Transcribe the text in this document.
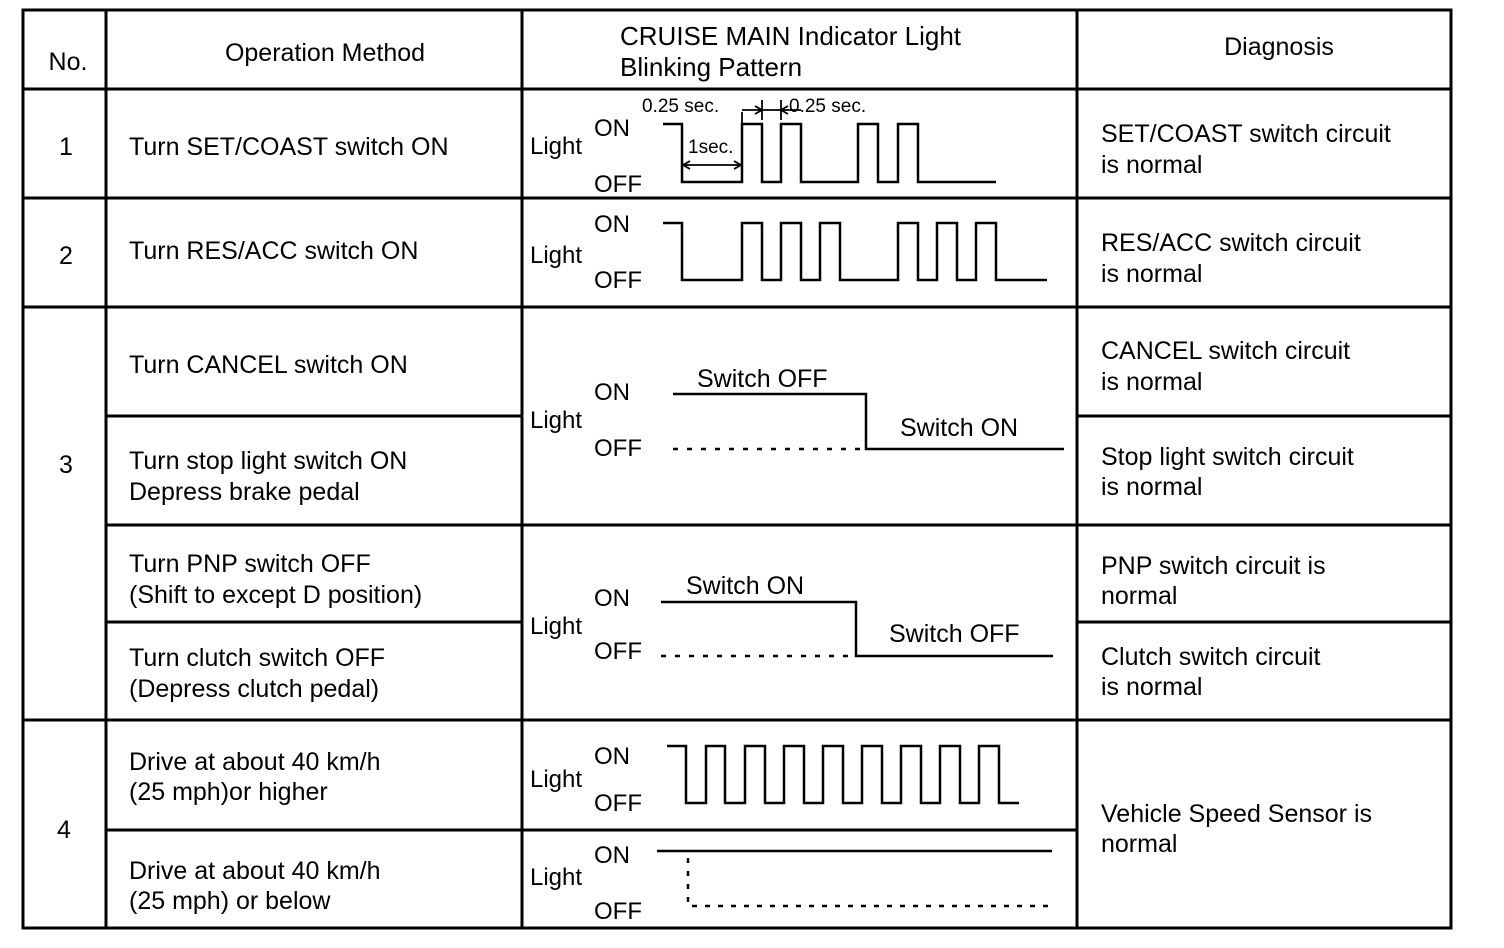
No.	Operation Method
CRUISE MAIN Indicator Light
Blinking Pattern
Diagnosis
1
2
3
4
Turn SET/COAST switch ON
Turn RES/ACC switch ON
Turn CANCEL switch ON
Turn stop light switch ON
Depress brake pedal
Turn PNP switch OFF
(Shift to except D position)
Turn clutch switch OFF
(Depress clutch pedal)
Drive at about 40 km/h
(25 mph)or higher
Drive at about 40 km/h
(25 mph) or below
SET/COAST switch circuit
is normal
RES/ACC switch circuit
is normal
CANCEL switch circuit
is normal
Stop light switch circuit
is normal
PNP switch circuit is
normal
Clutch switch circuit
is normal
Vehicle Speed Sensor is
normal
Light
ON
OFF
Light
ON
OFF
Light
ON
OFF
Light
ON
OFF
Light
ON
OFF
Light
ON
OFF
0.25 sec.	0.25 sec.
1sec.
Switch OFF
Switch ON
Switch ON
Switch OFF
